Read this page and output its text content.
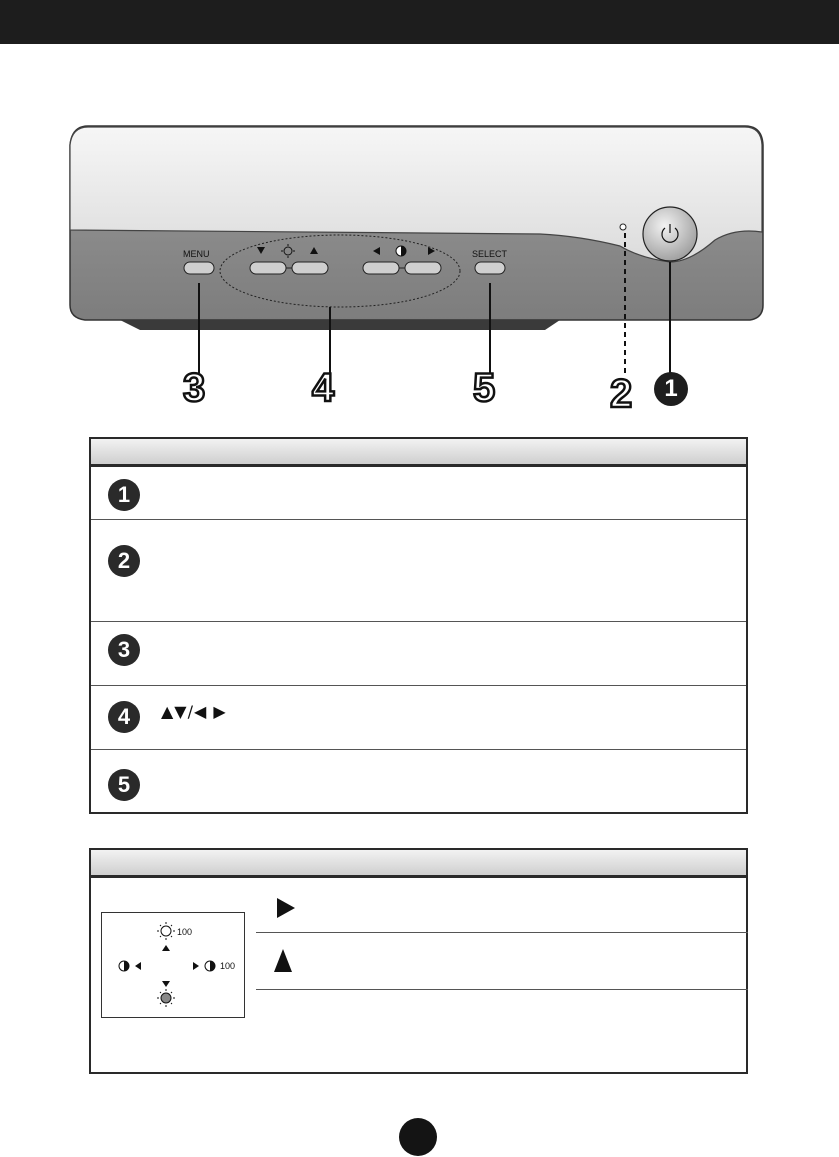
MENU	SELECT
3	4	5	2	1
1
2
3
4	▲▼/◀ ▶
5
100
100
